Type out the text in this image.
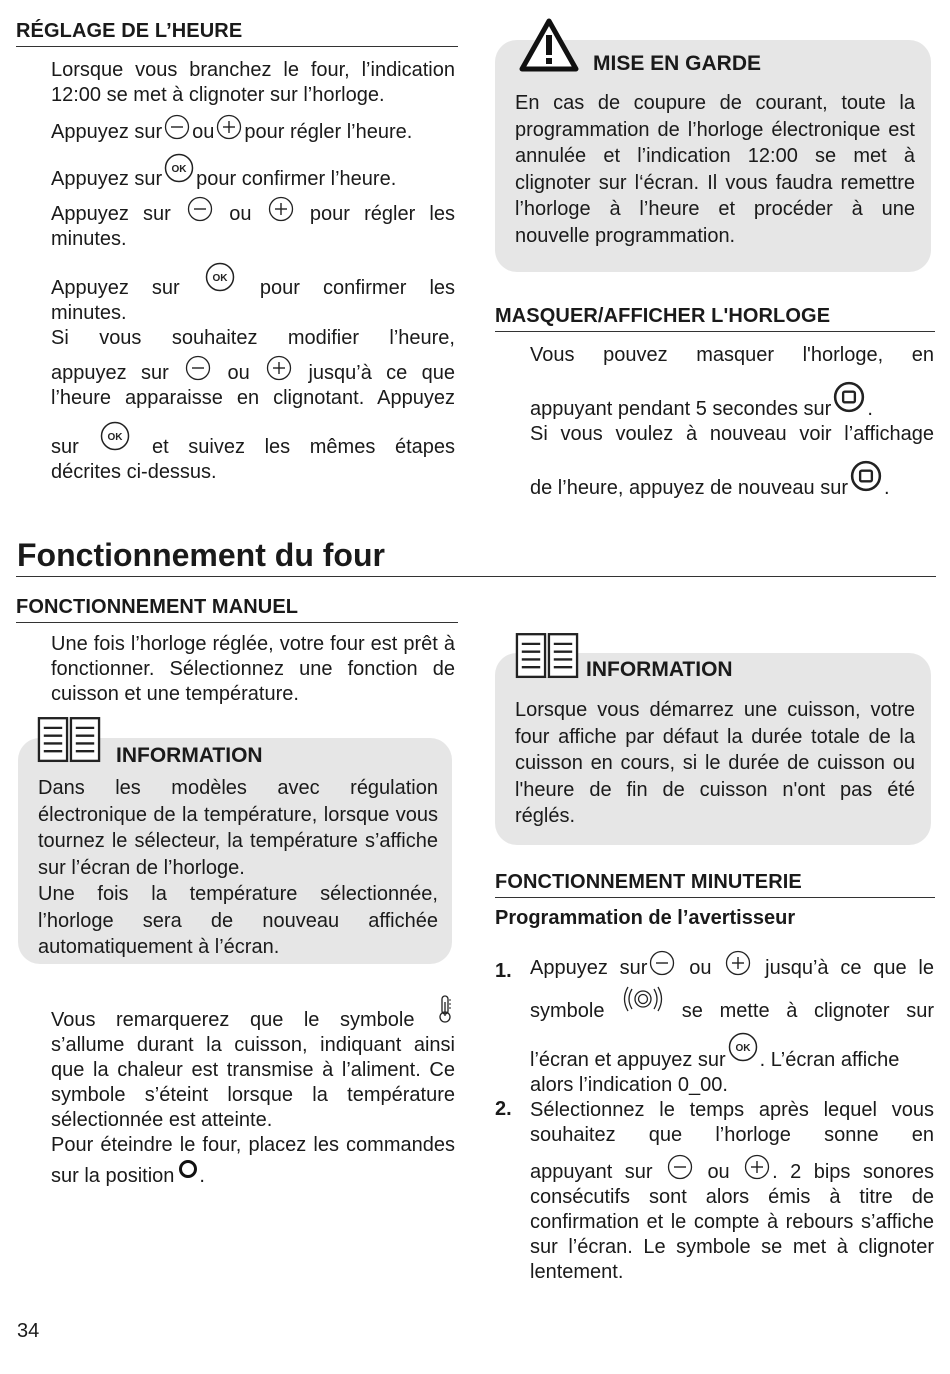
RÉGLAGE DE L’HEURE
Lorsque vous branchez le four, l’indication 12:00 se met à clignoter sur l’horloge.
Appuyez sur ou pour régler l’heure.
Appuyez sur pour confirmer l’heure.
Appuyez sur	ou	pour régler les
minutes.
Appuyez sur	pour confirmer les
minutes.
Si vous souhaitez modifier l’heure,
appuyez sur	ou	jusqu’à ce que
l’heure apparaisse en clignotant. Appuyez
sur	et suivez les mêmes étapes
décrites ci-dessus.
MISE EN GARDE
En cas de coupure de courant, toute la programmation de l’horloge électronique est annulée et l’indication 12:00 se met à clignoter sur l‘écran. Il vous faudra remettre l’horloge à l’heure et procéder à une nouvelle programmation.
MASQUER/AFFICHER L'HORLOGE
Vous pouvez masquer l'horloge, en
appuyant pendant 5 secondes sur .
Si vous voulez à nouveau voir l’affichage
de l’heure, appuyez de nouveau sur .
Fonctionnement du four
FONCTIONNEMENT MANUEL
Une fois l’horloge réglée, votre four est prêt à fonctionner. Sélectionnez une fonction de cuisson et une température.
INFORMATION
Dans les modèles avec régulation électronique de la température, lorsque vous tournez le sélecteur, la température s’affiche sur l’écran de l’horloge.
Une fois la température sélectionnée, l’horloge sera de nouveau affichée automatiquement à l’écran.
Vous remarquerez que le symbole
s’allume durant la cuisson, indiquant ainsi que la chaleur est transmise à l’aliment. Ce symbole s’éteint lorsque la température sélectionnée est atteinte.
Pour éteindre le four, placez les commandes sur la position .
INFORMATION
Lorsque vous démarrez une cuisson, votre four affiche par défaut la durée totale de la cuisson en cours, si le durée de cuisson ou l'heure de fin de cuisson n'ont pas été réglés.
FONCTIONNEMENT MINUTERIE
Programmation de l’avertisseur
1. Appuyez sur ou	jusqu’à ce que le
symbole	se mette à clignoter sur
l’écran et appuyez sur . L’écran affiche
alors l’indication 0_00.
2. Sélectionnez le temps après lequel vous
souhaitez que l’horloge sonne en
appuyant sur	ou . 2 bips sonores
consécutifs sont alors émis à titre de confirmation et le compte à rebours s’affiche sur l’écran. Le symbole se met à clignoter lentement.
34
